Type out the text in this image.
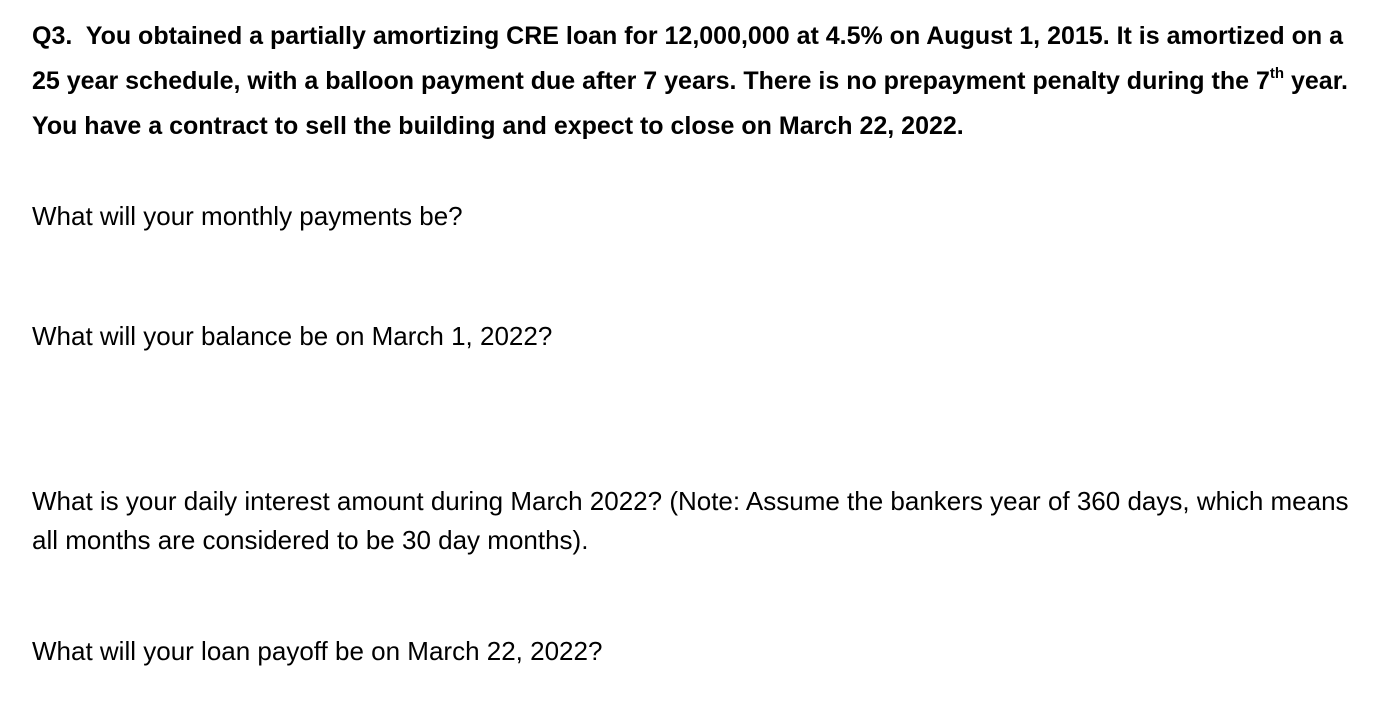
Q3. You obtained a partially amortizing CRE loan for 12,000,000 at 4.5% on August 1, 2015. It is amortized on a 25 year schedule, with a balloon payment due after 7 years. There is no prepayment penalty during the 7th year. You have a contract to sell the building and expect to close on March 22, 2022.

What will your monthly payments be?

What will your balance be on March 1, 2022?

What is your daily interest amount during March 2022? (Note: Assume the bankers year of 360 days, which means all months are considered to be 30 day months).

What will your loan payoff be on March 22, 2022?
